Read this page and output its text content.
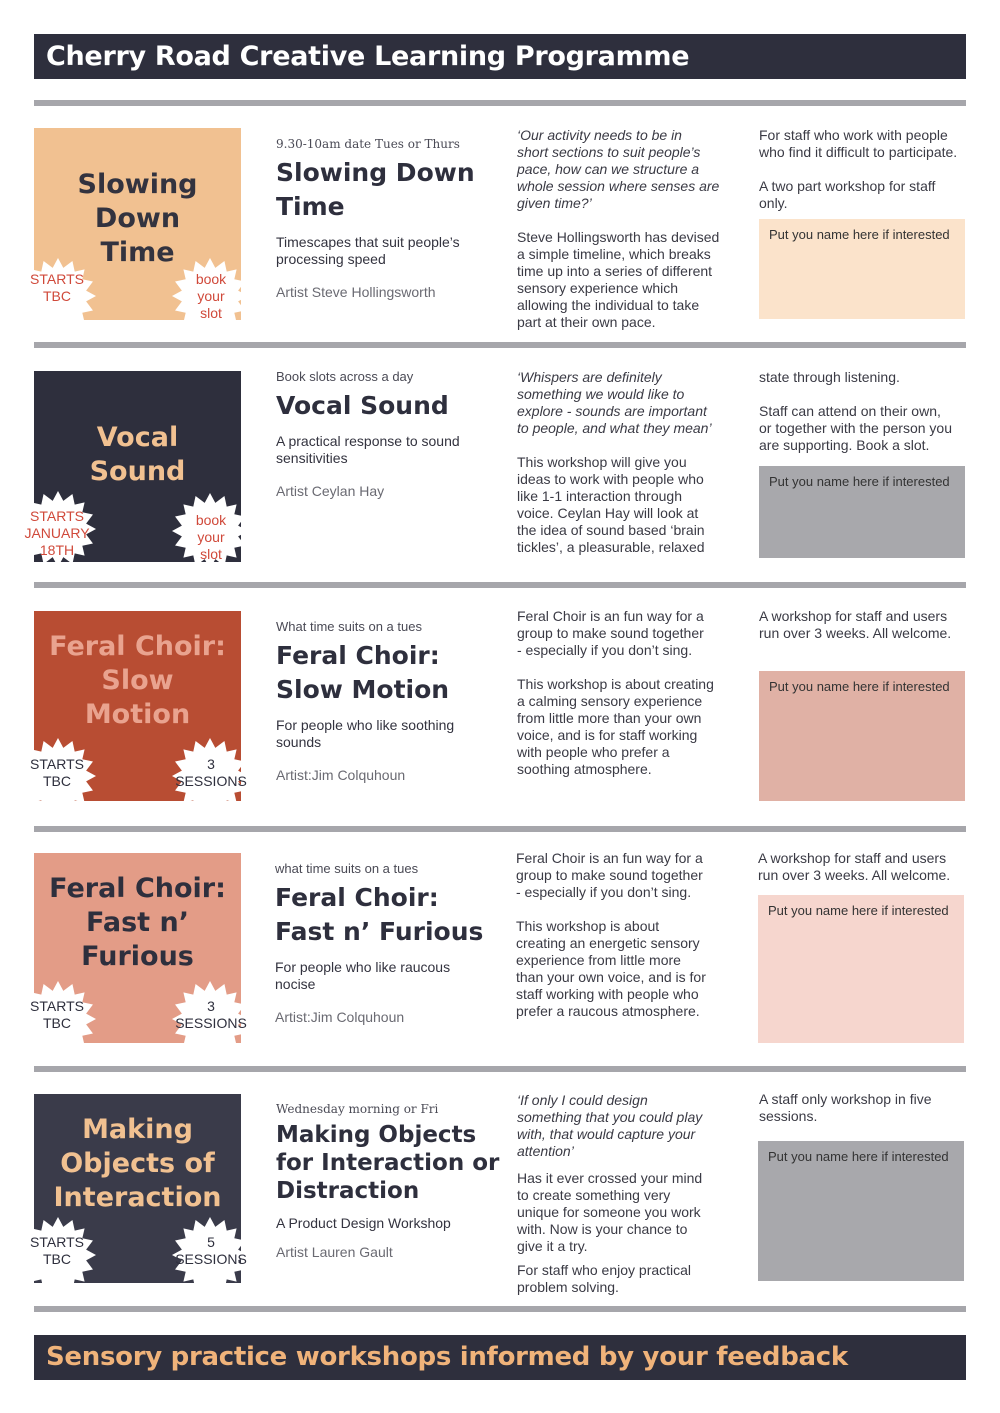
Cherry Road Creative Learning Programme
Slowing
Down
Time
STARTS
TBC
book
your
slot
9.30-10am date Tues or Thurs
Slowing Down
Time
Timescapes that suit people’s
processing speed
Artist Steve Hollingsworth
‘Our activity needs to be in
short sections to suit people’s
pace, how can we structure a
whole session where senses are
given time?’
Steve Hollingsworth has devised
a simple timeline, which breaks
time up into a series of different
sensory experience which
allowing the individual to take
part at their own pace.
For staff who work with people
who find it difficult to participate.
A two part workshop for staff
only.
Put you name here if interested
Vocal
Sound
STARTS
JANUARY
18TH
book
your
slot
Book slots across a day
Vocal Sound
A practical response to sound
sensitivities
Artist Ceylan Hay
‘Whispers are definitely
something we would like to
explore - sounds are important
to people, and what they mean’
This workshop will give you
ideas to work with people who
like 1-1 interaction through
voice. Ceylan Hay will look at
the idea of sound based ‘brain
tickles’, a pleasurable, relaxed
state through listening.
Staff can attend on their own,
or together with the person you
are supporting. Book a slot.
Put you name here if interested
Feral Choir:
Slow
Motion
STARTS
TBC
3
SESSIONS
What time suits on a tues
Feral Choir:
Slow Motion
For people who like soothing
sounds
Artist:Jim Colquhoun
Feral Choir is an fun way for a
group to make sound together
- especially if you don’t sing.
This workshop is about creating
a calming sensory experience
from little more than your own
voice, and is for staff working
with people who prefer a
soothing atmosphere.
A workshop for staff and users
run over 3 weeks. All welcome.
Put you name here if interested
Feral Choir:
Fast n’
Furious
STARTS
TBC
3
SESSIONS
what time suits on a tues
Feral Choir:
Fast n’ Furious
For people who like raucous
nocise
Artist:Jim Colquhoun
Feral Choir is an fun way for a
group to make sound together
- especially if you don’t sing.
This workshop is about
creating an energetic sensory
experience from little more
than your own voice, and is for
staff working with people who
prefer a raucous atmosphere.
A workshop for staff and users
run over 3 weeks. All welcome.
Put you name here if interested
Making
Objects of
Interaction
STARTS
TBC
5
SESSIONS
Wednesday morning or Fri
Making Objects
for Interaction or
Distraction
A Product Design Workshop
Artist Lauren Gault
‘If only I could design
something that you could play
with, that would capture your
attention’
Has it ever crossed your mind
to create something very
unique for someone you work
with. Now is your chance to
give it a try.
For staff who enjoy practical
problem solving.
A staff only workshop in five
sessions.
Put you name here if interested
Sensory practice workshops informed by your feedback
